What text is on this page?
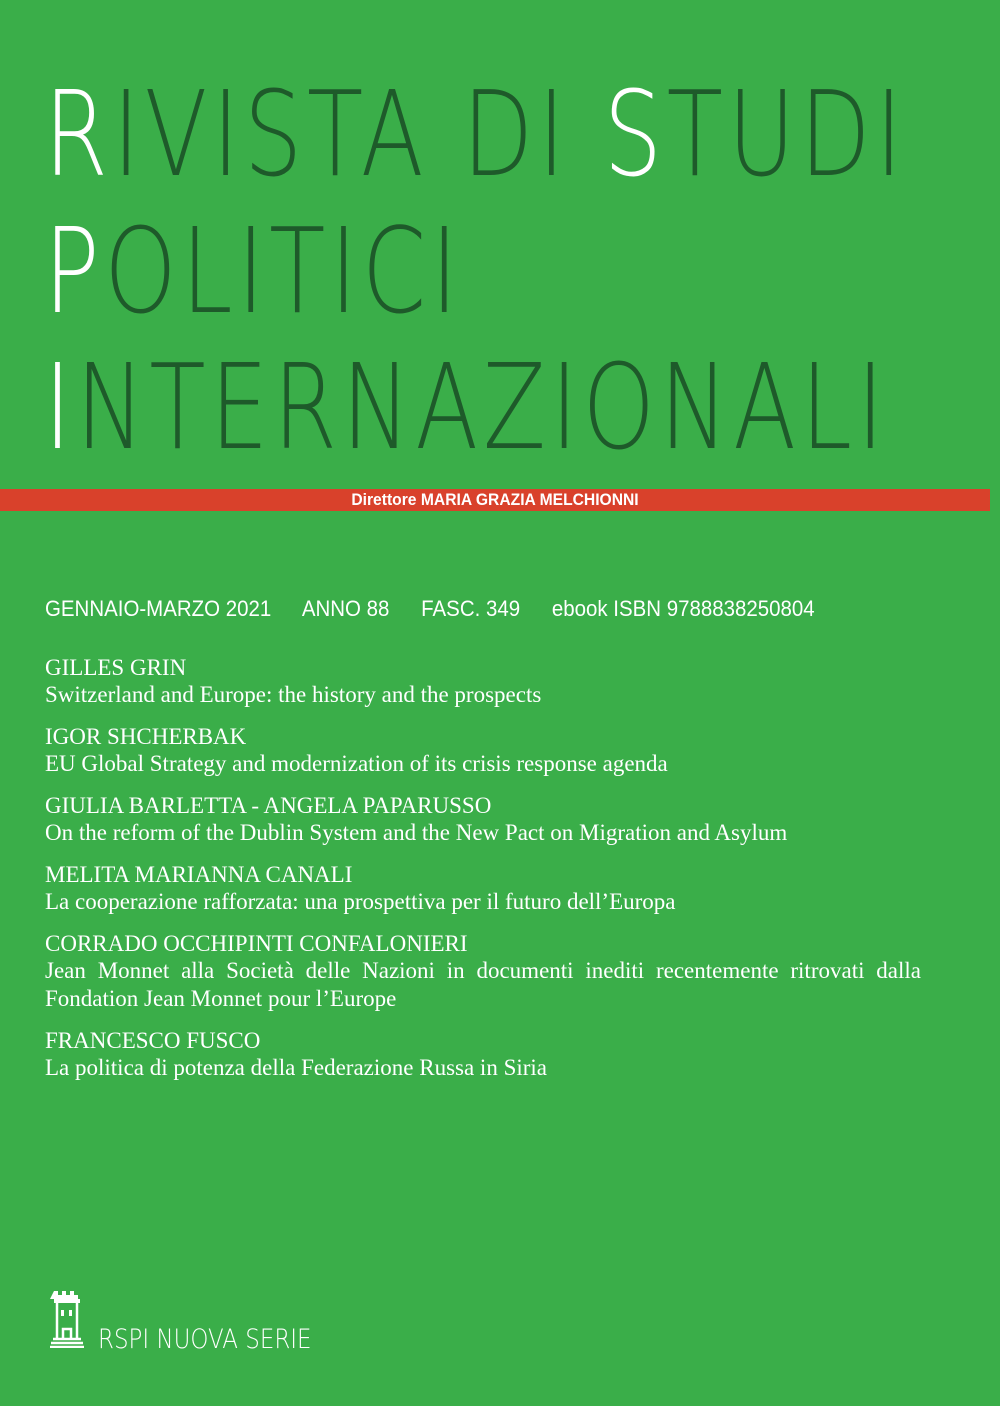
RIVISTA DI STUDI
POLITICI
INTERNAZIONALI
Direttore MARIA GRAZIA MELCHIONNI
GENNAIO-MARZO 2021 ANNO 88 FASC. 349 ebook ISBN 9788838250804
GILLES GRIN
Switzerland and Europe: the history and the prospects
IGOR SHCHERBAK
EU Global Strategy and modernization of its crisis response agenda
GIULIA BARLETTA - ANGELA PAPARUSSO
On the reform of the Dublin System and the New Pact on Migration and Asylum
MELITA MARIANNA CANALI
La cooperazione rafforzata: una prospettiva per il futuro dell’Europa
CORRADO OCCHIPINTI CONFALONIERI
Jean Monnet alla Società delle Nazioni in documenti inediti recentemente ritrovati dalla Fondation Jean Monnet pour l’Europe
FRANCESCO FUSCO
La politica di potenza della Federazione Russa in Siria
RSPI NUOVA SERIE
